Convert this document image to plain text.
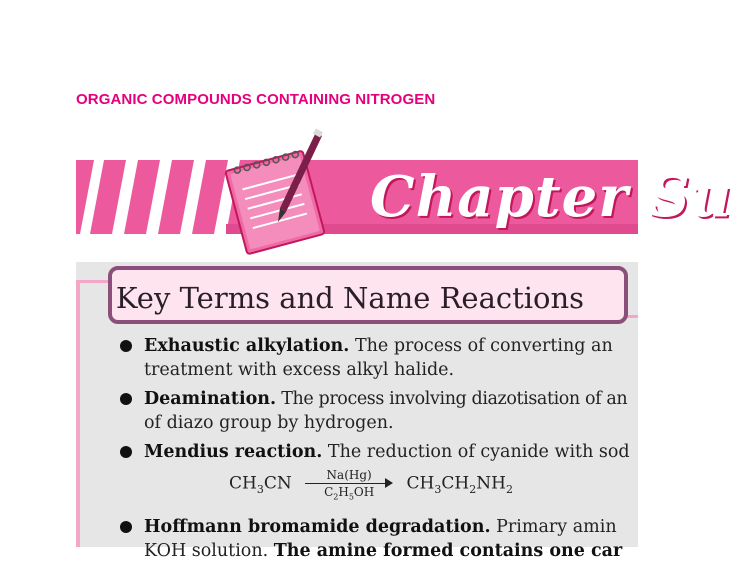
ORGANIC COMPOUNDS CONTAINING NITROGEN
Chapter Su
Key Terms and Name Reactions
Exhaustic alkylation. The process of converting an
treatment with excess alkyl halide.
Deamination. The process involving diazotisation of an
of diazo group by hydrogen.
Mendius reaction. The reduction of cyanide with sod
Hoffmann bromamide degradation. Primary amin
KOH solution. The amine formed contains one car
$CH_3CN \frac{Na(Hg)}{C_2H_5OH} CH_3CH_2NH_2$
